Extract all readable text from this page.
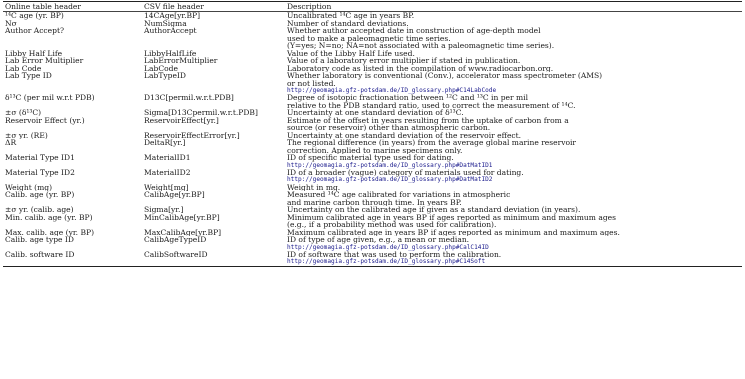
Online table header	CSV file header	Description
¹⁴C age (yr. BP)	14CAge[yr.BP]	Uncalibrated ¹⁴C age in years BP.

Nσ	NumSigma	Number of standard deviations.

Author Accept?	AuthorAccept	Whether author accepted date in construction of age-depth model
used to make a paleomagnetic time series.
(Y=yes; N=no; NA=not associated with a paleomagnetic time series).

Libby Half Life	LibbyHalfLife	Value of the Libby Half Life used.

Lab Error Multiplier	LabErrorMultiplier	Value of a laboratory error multiplier if stated in publication.

Lab Code	LabCode	Laboratory code as listed in the compilation of www.radiocarbon.org.

Lab Type ID	LabTypeID	Whether laboratory is conventional (Conv.), accelerator mass spectrometer (AMS)
or not listed.
http://geomagia.gfz-potsdam.de/ID_glossary.php#C14LabCode

δ¹³C (per mil w.r.t PDB)	D13C[permil.w.r.t.PDB]	Degree of isotopic fractionation between ¹²C and ¹³C in per mil
relative to the PDB standard ratio, used to correct the measurement of ¹⁴C.

±σ (δ¹³C)	Sigma[D13Cpermil.w.r.t.PDB]	Uncertainty at one standard deviation of δ¹³C.

Reservoir Effect (yr.)	ReservoirEffect[yr.]	Estimate of the offset in years resulting from the uptake of carbon from a
source (or reservoir) other than atmospheric carbon.

±σ yr. (RE)	ReservoirEffectError[yr.]	Uncertainty at one standard deviation of the reservoir effect.

ΔR	DeltaR[yr.]	The regional difference (in years) from the average global marine reservoir
correction. Applied to marine specimens only.

Material Type ID1	MaterialID1	ID of specific material type used for dating.
http://geomagia.gfz-potsdam.de/ID_glossary.php#DatMatID1

Material Type ID2	MaterialID2	ID of a broader (vague) category of materials used for dating.
http://geomagia.gfz-potsdam.de/ID_glossary.php#DatMatID2

Weight (mg)	Weight[mg]	Weight in mg.

Calib. age (yr. BP)	CalibAge[yr.BP]	Measured ¹⁴C age calibrated for variations in atmospheric
and marine carbon through time. In years BP.

±σ yr. (calib. age)	Sigma[yr.]	Uncertainty on the calibrated age if given as a standard deviation (in years).

Min. calib. age (yr. BP)	MinCalibAge[yr.BP]	Minimum calibrated age in years BP if ages reported as minimum and maximum ages
(e.g., if a probability method was used for calibration).

Max. calib. age (yr. BP)	MaxCalibAge[yr.BP]	Maximum calibrated age in years BP if ages reported as minimum and maximum ages.

Calib. age type ID	CalibAgeTypeID	ID of type of age given, e.g., a mean or median.
http://geomagia.gfz-potsdam.de/ID_glossary.php#CalC14ID

Calib. software ID	CalibSoftwareID	ID of software that was used to perform the calibration.
http://geomagia.gfz-potsdam.de/ID_glossary.php#C14Soft
